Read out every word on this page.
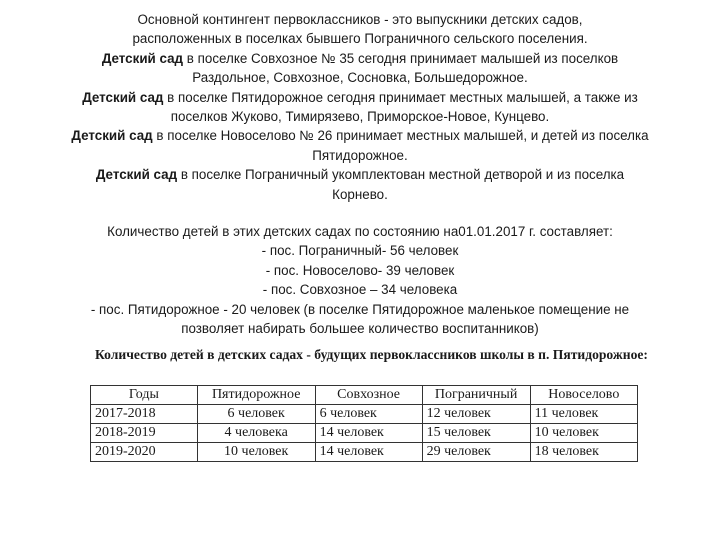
Основной контингент первоклассников - это выпускники детских садов,

расположенных в поселках бывшего Пограничного сельского поселения.

Детский сад в поселке Совхозное № 35 сегодня принимает малышей из поселков

Раздольное, Совхозное, Сосновка, Большедорожное.

Детский сад в поселке Пятидорожное сегодня принимает местных малышей, а также из

поселков Жуково, Тимирязево, Приморское-Новое, Кунцево.

Детский сад в поселке Новоселово № 26 принимает местных малышей, и детей из поселка

Пятидорожное.

Детский сад в поселке Пограничный укомплектован местной детворой и из поселка

Корнево.

Количество детей в этих детских садах по состоянию на01.01.2017 г. составляет:

- пос. Пограничный- 56 человек

- пос. Новоселово- 39 человек

- пос. Совхозное – 34 человека

- пос. Пятидорожное - 20 человек (в поселке Пятидорожное маленькое помещение не

позволяет набирать большее количество воспитанников)

Количество детей в детских садах - будущих первоклассников школы в п. Пятидорожное:
Годы	Пятидорожное	Совхозное	Пограничный	Новоселово
2017-2018	6 человек	6 человек	12 человек	11 человек
2018-2019	4 человека	14 человек	15 человек	10 человек
2019-2020	10 человек	14 человек	29 человек	18 человек
